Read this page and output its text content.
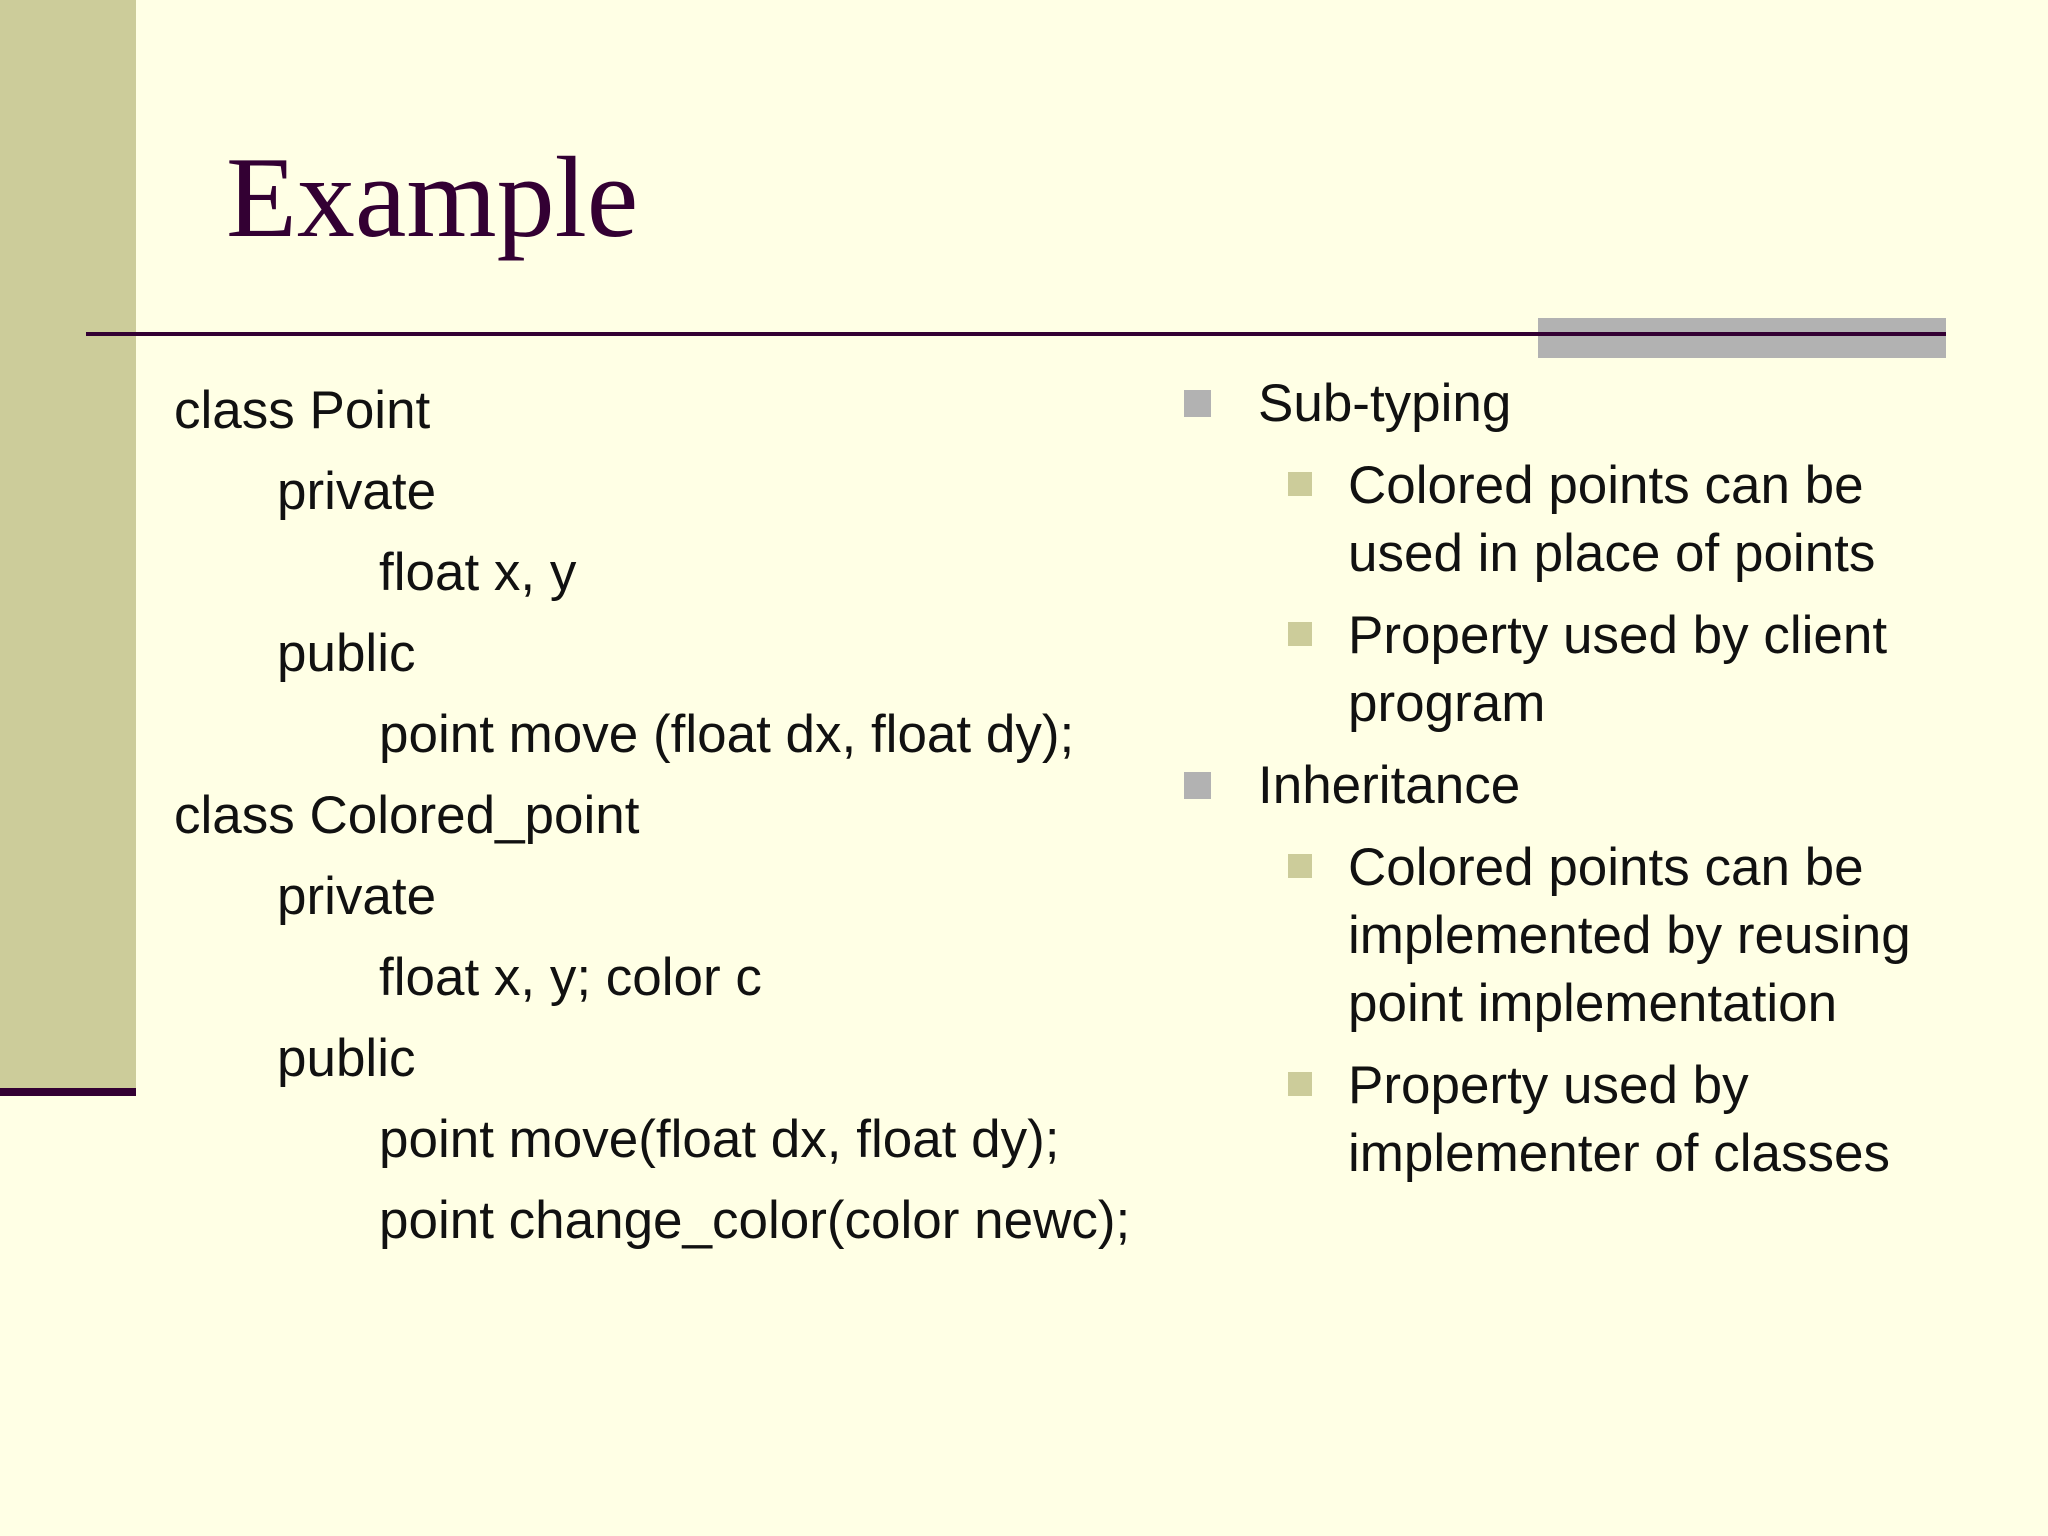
Example
class Point
private
float x, y
public
point move (float dx, float dy);
class Colored_point
private
float x, y; color c
public
point move(float dx, float dy);
point change_color(color newc);
Sub-typing
Colored points can be used in place of points
Property used by client program
Inheritance
Colored points can be implemented by reusing point implementation
Property used by implementer of classes
